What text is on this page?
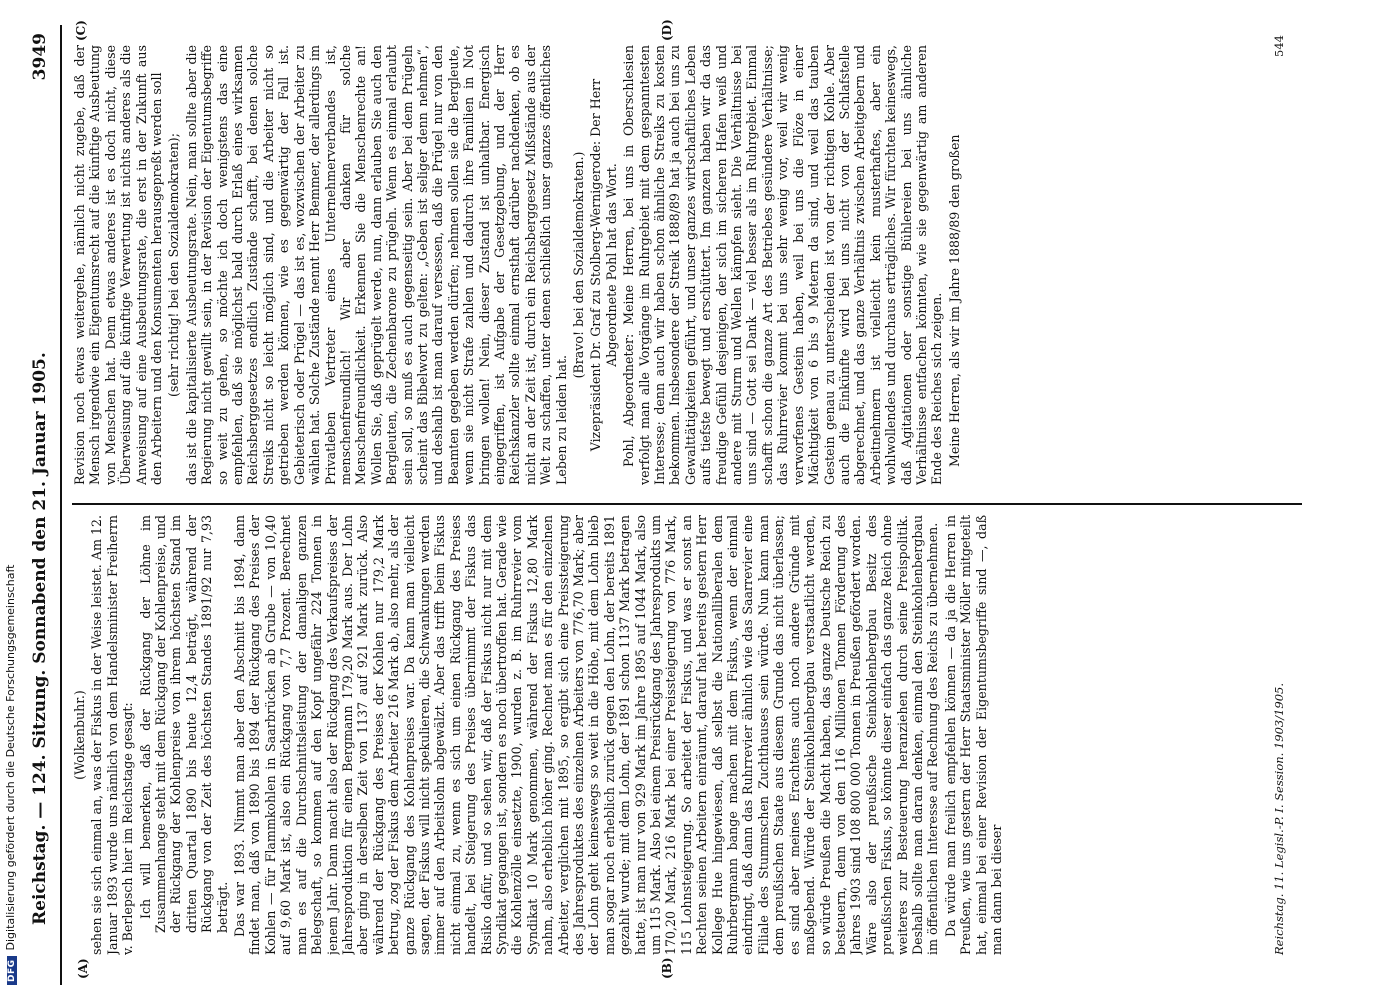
Reichstag. — 124. Sitzung. Sonnabend den 21. Januar 1905.
3949

(Wolkenbuhr.) sehen sie sich einmal an, was der Fiskus in der Weise leistet. Am 12. Januar 1893 wurde uns nämlich von dem Handelsminister Freiherrn v. Berlepsch hier im Reichstage gesagt: Ich will bemerken, daß der Rückgang der Löhne im Zusammenhange steht mit dem Rückgang der Kohlenpreise, und der Rückgang der Kohlenpreise von ihrem höchsten Stand im dritten Quartal 1890 bis heute 12,4 beträgt, während der Rückgang von der Zeit des höchsten Standes 1891/92 nur 7,93 beträgt. Das war 1893. Nimmt man aber den Abschnitt bis 1894, dann findet man, daß von 1890 bis 1894 der Rückgang des Preises der Kohlen — für Flammkohlen in Saarbrücken ab Grube — von 10,40 auf 9,60 Mark ist, also ein Rückgang von 7,7 Prozent. Berechnet man es auf die Durchschnittsleistung der damaligen ganzen Belegschaft, so kommen auf den Kopf ungefähr 224 Tonnen in jenem Jahr. Dann macht also der Rückgang des Verkaufspreises der Jahresproduktion für einen Bergmann 179,20 Mark aus. Der Lohn aber ging in derselben Zeit von 1137 auf 921 Mark zurück. Also während der Rückgang des Preises der Kohlen nur 179,2 Mark betrug, zog der Fiskus dem Arbeiter 216 Mark ab, also mehr, als der ganze Rückgang des Kohlenpreises war. Da kann man vielleicht sagen, der Fiskus will nicht spekulieren, die Schwankungen werden immer auf den Arbeitslohn abgewälzt. Aber das trifft beim Fiskus nicht einmal zu, wenn es sich um einen Rückgang des Preises handelt, bei Steigerung des Preises übernimmt der Fiskus das Risiko dafür, und so sehen wir, daß der Fiskus nicht nur mit dem Syndikat gegangen ist, sondern es noch übertroffen hat. Gerade wie die Kohlenzölle einsetzte, 1900, wurden z. B. im Ruhrrevier vom Syndikat 10 Mark genommen, während der Fiskus 12,80 Mark nahm, also erheblich höher ging. Rechnet man es für den einzelnen Arbeiter, verglichen mit 1895, so ergibt sich eine Preissteigerung des Jahresproduktes des einzelnen Arbeiters von 776,70 Mark; aber der Lohn geht keineswegs so weit in die Höhe, mit dem Lohn blieb man sogar noch erheblich zurück gegen den Lohn, der bereits 1891 gezahlt wurde; mit dem Lohn, der 1891 schon 1137 Mark betragen hatte, ist man nur von 929 Mark im Jahre 1895 auf 1044 Mark, also um 115 Mark. Also bei einem Preisrückgang des Jahresprodukts um 170,20 Mark, 216 Mark bei einer Preissteigerung von 776 Mark, 115 Lohnsteigerung. So arbeitet der Fiskus, und was er sonst an Rechten seinen Arbeitern einräumt, darauf hat bereits gestern Herr Kollege Hue hingewiesen, daß selbst die Nationalliberalen dem Ruhrbergmann bange machen mit dem Fiskus, wenn der einmal eindringt, daß dann das Ruhrrevier ähnlich wie das Saarrevier eine Filiale des Stummschen Zuchthauses sein würde. Nun kann man dem preußischen Staate aus diesem Grunde das nicht überlassen; es sind aber meines Erachtens auch noch andere Gründe mit maßgebend. Würde der Steinkohlenbergbau verstaatlicht werden, so würde Preußen die Macht haben, das ganze Deutsche Reich zu besteuern, denn von den 116 Millionen Tonnen Förderung des Jahres 1903 sind 108 800 000 Tonnen in Preußen gefördert worden. Wäre also der preußische Steinkohlenbergbau Besitz des preußischen Fiskus, so könnte dieser einfach das ganze Reich ohne weiteres zur Besteuerung heranziehen durch seine Preispolitik. Deshalb sollte man daran denken, einmal den Steinkohlenbergbau im öffentlichen Interesse auf Rechnung des Reichs zu übernehmen. Da würde man freilich empfehlen können — da ja die Herren in Preußen, wie uns gestern der Herr Staatsminister Möller mitgeteilt hat, einmal bei einer Revision der Eigentumsbegriffe sind —, daß man dann bei dieser

Revision noch etwas weitergehe, nämlich nicht zugebe, daß der Mensch irgendwie ein Eigentumsrecht auf die künftige Ausbeutung von Menschen hat. Denn etwas anderes ist es doch nicht, diese Überweisung auf die künftige Verwertung ist nichts anderes als die Anweisung auf eine Ausbeutungsrate, die erst in der Zukunft aus den Arbeitern und den Konsumenten herausgepreßt werden soll (sehr richtig! bei den Sozialdemokraten); das ist die kapitalisierte Ausbeutungsrate. Nein, man sollte aber die Regierung nicht gewillt sein, in der Revision der Eigentumsbegriffe so weit zu gehen, so möchte ich doch wenigstens das eine empfehlen, daß sie möglichst bald durch Erlaß eines wirksamen Reichsberggesetzes endlich Zustände schafft, bei denen solche Streiks nicht so leicht möglich sind, und die Arbeiter nicht so getrieben werden können, wie es gegenwärtig der Fall ist. Gebieterisch oder Prügel — das ist es, wozwischen der Arbeiter zu wählen hat. Solche Zustände nennt Herr Bemmer, der allerdings im Privatleben Vertreter eines Unternehmerverbandes ist, menschenfreundlich! Wir aber danken für solche Menschenfreundlichkeit. Erkennen Sie die Menschenrechte an! Wollen Sie, daß geprügelt werde, nun, dann erlauben Sie auch den Bergleuten, die Zechenbarone zu prügeln. Wenn es einmal erlaubt sein soll, so muß es auch gegenseitig sein. Aber bei dem Prügeln scheint das Bibelwort zu gelten: „Geben ist seliger denn nehmen“, und deshalb ist man darauf versessen, daß die Prügel nur von den Beamten gegeben werden dürfen; nehmen sollen sie die Bergleute, wenn sie nicht Strafe zahlen und dadurch ihre Familien in Not bringen wollen! Nein, dieser Zustand ist unhaltbar. Energisch eingegriffen, ist Aufgabe der Gesetzgebung, und der Herr Reichskanzler sollte einmal ernsthaft darüber nachdenken, ob es nicht an der Zeit ist, durch ein Reichsberggesetz Mißstände aus der Welt zu schaffen, unter denen schließlich unser ganzes öffentliches Leben zu leiden hat.

(Bravo! bei den Sozialdemokraten.) Vizepräsident Dr. Graf zu Stolberg-Wernigerode: Der Herr Abgeordnete Pohl hat das Wort. Pohl, Abgeordneter: Meine Herren, bei uns in Oberschlesien verfolgt man alle Vorgänge im Ruhrgebiet mit dem gespanntesten Interesse; denn auch wir haben schon ähnliche Streiks zu kosten bekommen. Insbesondere der Streik 1888/89 hat ja auch bei uns zu Gewalttätigkeiten geführt, und unser ganzes wirtschaftliches Leben aufs tiefste bewegt und erschüttert. Im ganzen haben wir da das freudige Gefühl desjenigen, der sich im sicheren Hafen weiß und andere mit Sturm und Wellen kämpfen sieht. Die Verhältnisse bei uns sind — Gott sei Dank — viel besser als im Ruhrgebiet. Einmal schafft schon die ganze Art des Betriebes gesündere Verhältnisse; das Ruhrrevier kommt bei uns sehr wenig vor, weil wir wenig verworfenes Gestein haben, weil bei uns die Flöze in einer Mächtigkeit von 6 bis 9 Metern da sind, und weil das tauben Gestein genau zu unterscheiden ist von der richtigen Kohle. Aber auch die Einkünfte wird bei uns nicht von der Schlafstelle abgerechnet, und das ganze Verhältnis zwischen Arbeitgebern und Arbeitnehmern ist vielleicht kein musterhaftes, aber ein wohlwollendes und durchaus erträgliches. Wir fürchten keineswegs, daß Agitationen oder sonstige Bühlereien bei uns ähnliche Verhältnisse entfachen könnten, wie sie gegenwärtig am anderen Ende des Reiches sich zeigen. Meine Herren, als wir im Jahre 1888/89 den großen

(A)	(B)
(C)	(D)
Reichstag. 11. Legisl.-P. I. Session. 1903/1905.
544
DFGDigitalisierung gefördert durch die Deutsche Forschungsgemeinschaft
